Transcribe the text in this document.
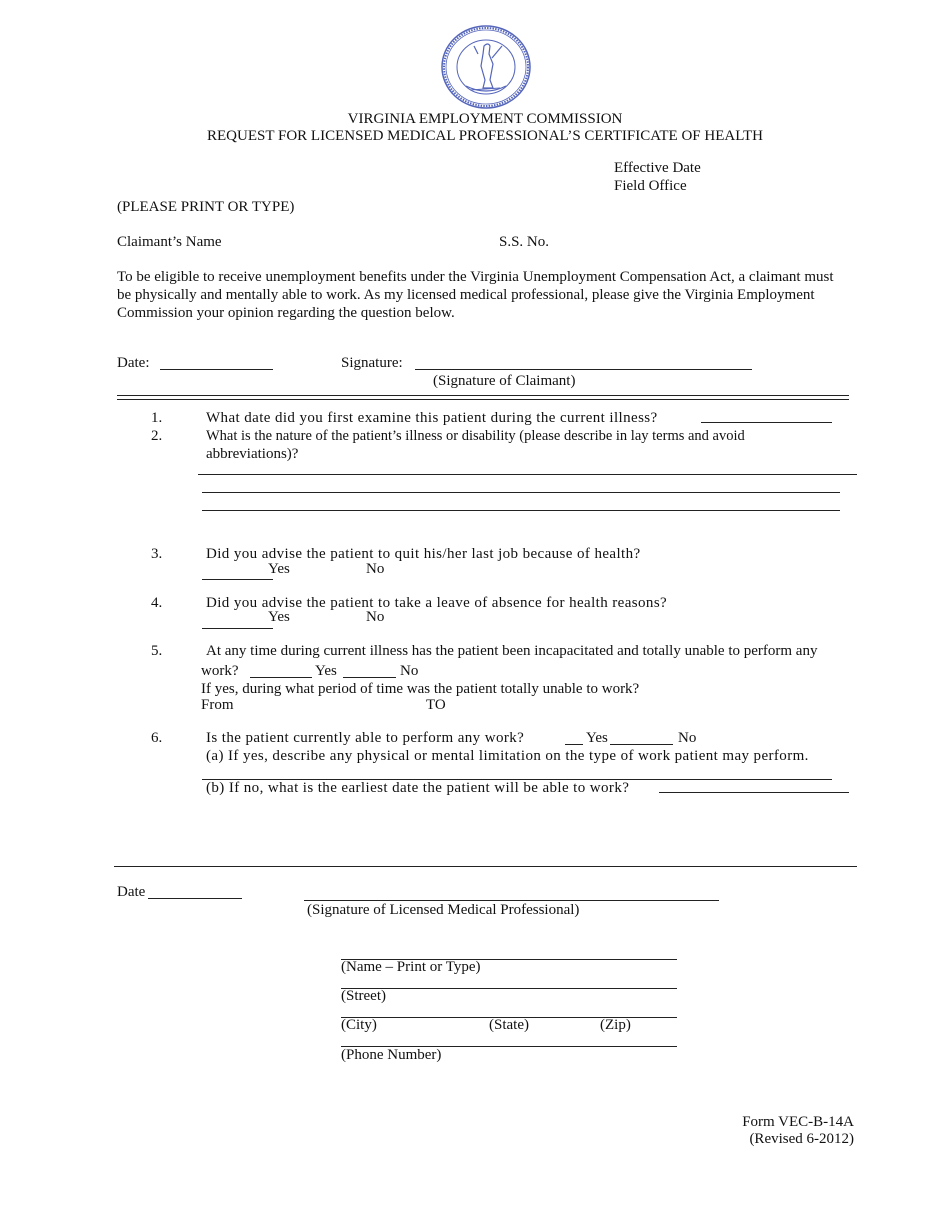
VIRGINIA EMPLOYMENT COMMISSION
REQUEST FOR LICENSED MEDICAL PROFESSIONAL’S CERTIFICATE OF HEALTH
Effective Date
Field Office
(PLEASE PRINT OR TYPE)
Claimant’s Name	S.S. No.
To be eligible to receive unemployment benefits under the Virginia Unemployment Compensation Act, a claimant must be physically and mentally able to work. As my licensed medical professional, please give the Virginia Employment Commission your opinion regarding the question below.
Date:	Signature:
(Signature of Claimant)
1.	What date did you first examine this patient during the current illness?
2.	What is the nature of the patient’s illness or disability (please describe in lay terms and avoid
abbreviations)?
3.	Did you advise the patient to quit his/her last job because of health?
Yes	No
4.	Did you advise the patient to take a leave of absence for health reasons?
Yes	No
5.	At any time during current illness has the patient been incapacitated and totally unable to perform any
work?	Yes	No
If yes, during what period of time was the patient totally unable to work?
From	TO
6.	Is the patient currently able to perform any work?	Yes	No
(a) If yes, describe any physical or mental limitation on the type of work patient may perform.
(b) If no, what is the earliest date the patient will be able to work?
Date
(Signature of Licensed Medical Professional)
(Name – Print or Type)
(Street)
(City)	(State)	(Zip)
(Phone Number)
Form VEC-B-14A
(Revised 6-2012)
